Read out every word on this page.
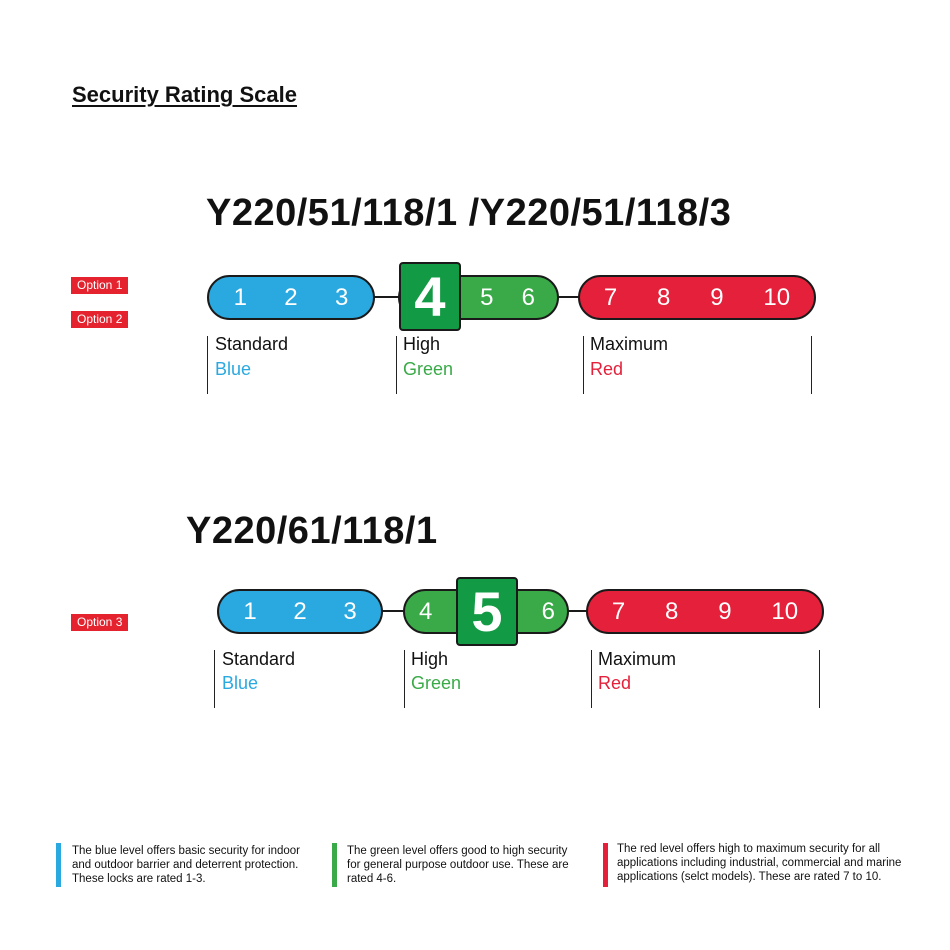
Security Rating Scale
Y220/51/118/1 /Y220/51/118/3
Option 1
Option 2
1 2 3	5 6	7 8 9 10
4
Standard
Blue
High
Green
Maximum
Red
Y220/61/118/1
Option 3	1 2 3	4	6 7 8 9 10
5
Standard
Blue
High
Green
Maximum
Red
The blue level offers basic security for indoor and outdoor barrier and deterrent protection. These locks are rated 1-3.
The green level offers good to high security for general purpose outdoor use. These are rated 4-6.
The red level offers high to maximum security for all applications including industrial, commercial and marine applications (selct models). These are rated 7 to 10.
